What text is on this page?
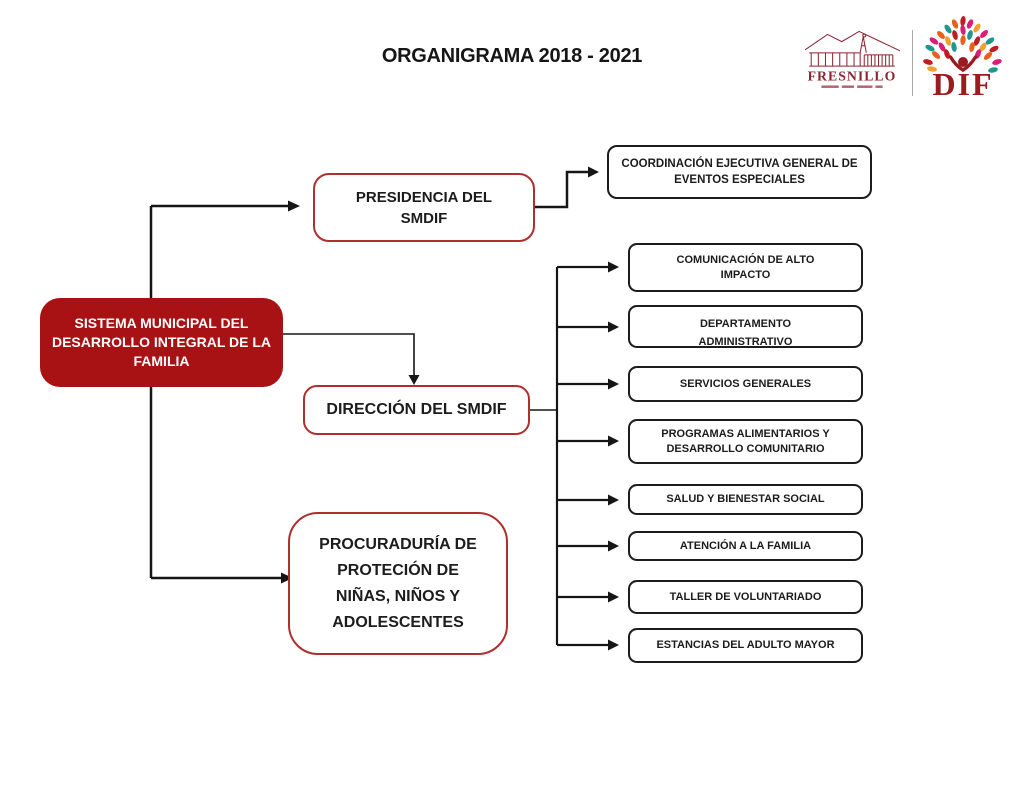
ORGANIGRAMA 2018 - 2021
FRESNILLO DIF
SISTEMA MUNICIPAL DEL DESARROLLO INTEGRAL DE LA FAMILIA
PRESIDENCIA DEL SMDIF
COORDINACIÓN EJECUTIVA GENERAL DE EVENTOS ESPECIALES
DIRECCIÓN DEL SMDIF
PROCURADURÍA DE PROTECIÓN DE NIÑAS, NIÑOS Y ADOLESCENTES
COMUNICACIÓN DE ALTO IMPACTO
DEPARTAMENTO ADMINISTRATIVO
SERVICIOS GENERALES
PROGRAMAS ALIMENTARIOS Y DESARROLLO COMUNITARIO
SALUD Y BIENESTAR SOCIAL
ATENCIÓN A LA FAMILIA
TALLER DE VOLUNTARIADO
ESTANCIAS DEL ADULTO MAYOR
